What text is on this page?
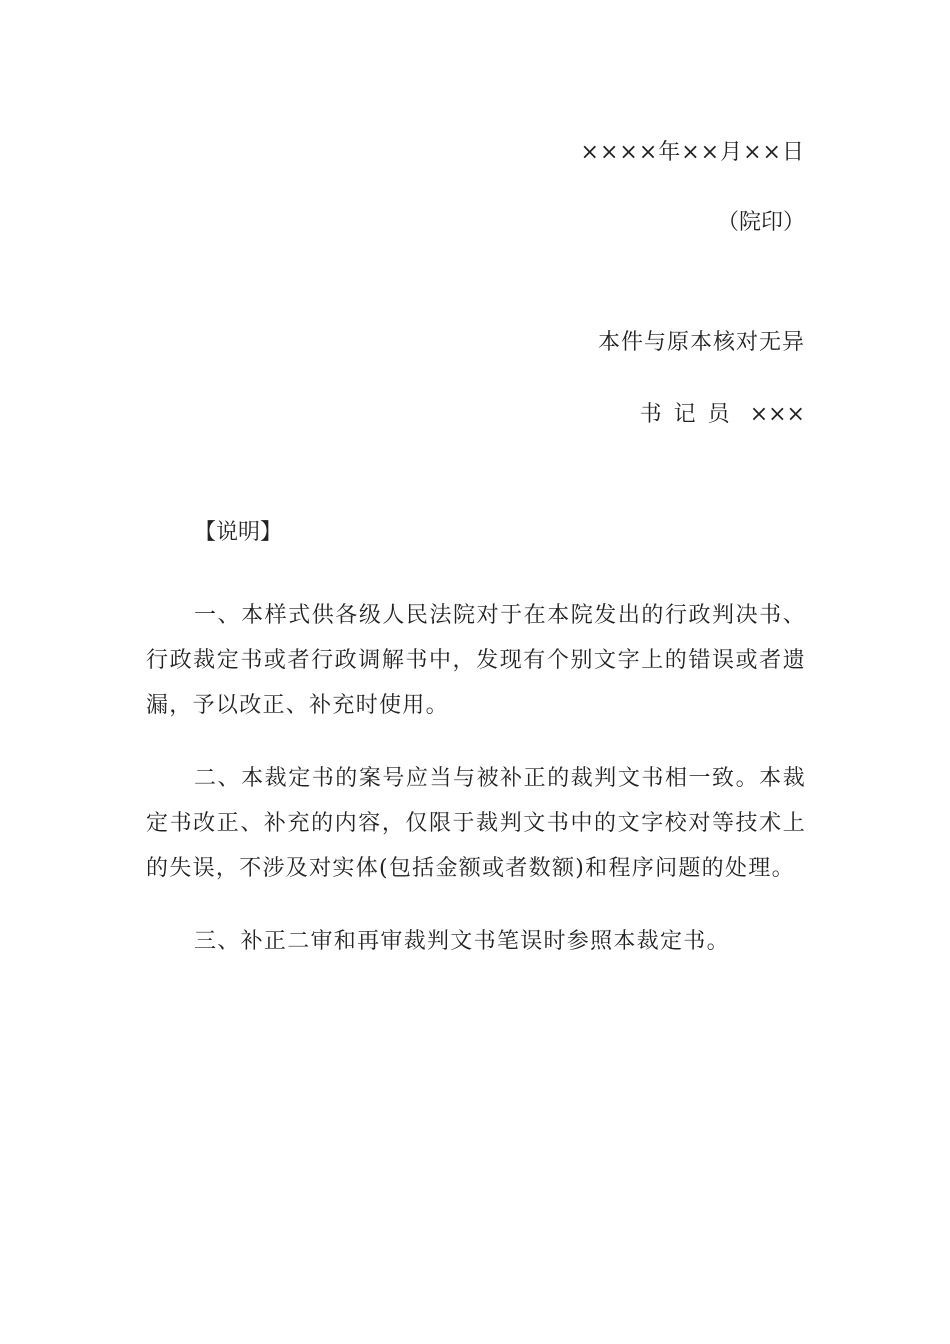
××××年××月××日
（院印）
本件与原本核对无异
书记员 ×××

【说明】

一、本样式供各级人民法院对于在本院发出的行政判决书、行政裁定书或者行政调解书中，发现有个别文字上的错误或者遗漏，予以改正、补充时使用。

二、本裁定书的案号应当与被补正的裁判文书相一致。本裁定书改正、补充的内容，仅限于裁判文书中的文字校对等技术上的失误，不涉及对实体(包括金额或者数额)和程序问题的处理。

三、补正二审和再审裁判文书笔误时参照本裁定书。
